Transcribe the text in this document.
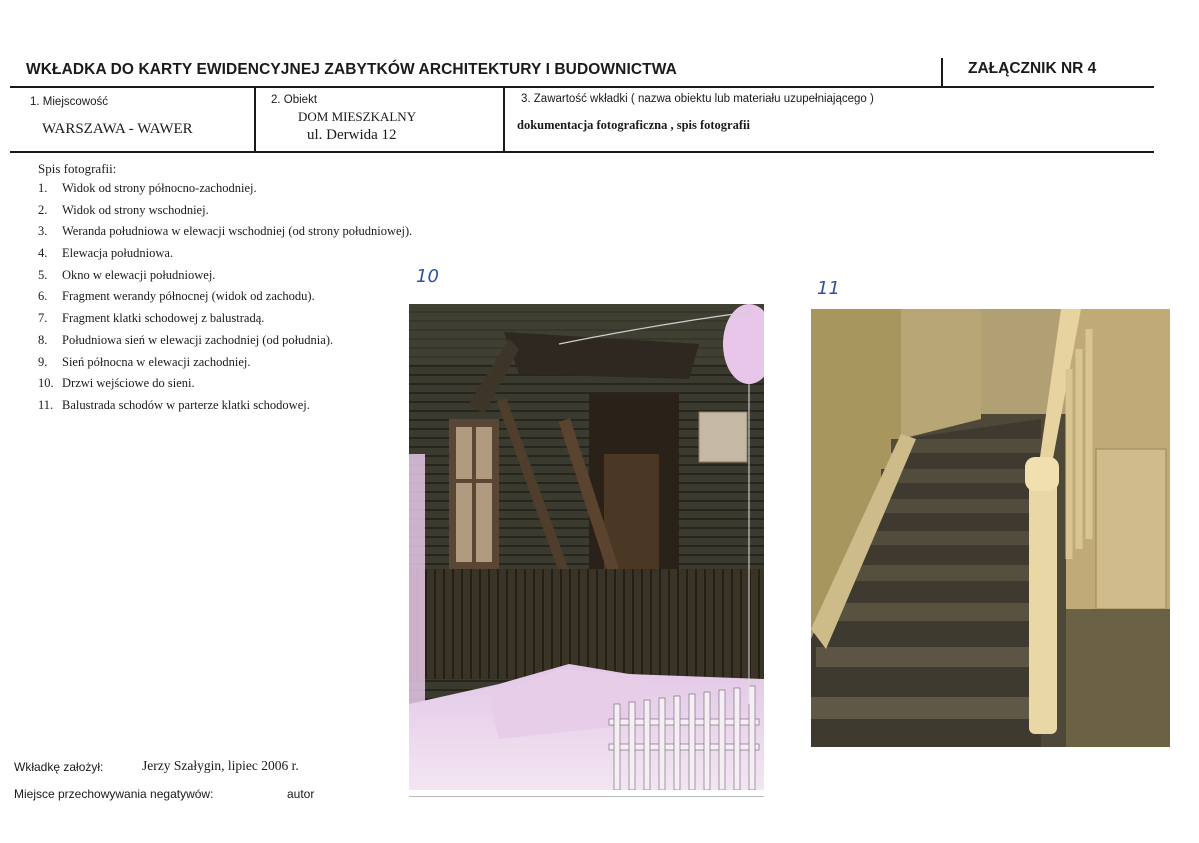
WKŁADKA DO KARTY EWIDENCYJNEJ ZABYTKÓW ARCHITEKTURY I BUDOWNICTWA	ZAŁĄCZNIK NR 4
1. Miejscowość
WARSZAWA - WAWER
2. Obiekt
DOM MIESZKALNY
ul. Derwida 12
3. Zawartość wkładki ( nazwa obiektu lub materiału uzupełniającego )
dokumentacja fotograficzna , spis fotografii
Spis fotografii:
1. Widok od strony północno-zachodniej.
2. Widok od strony wschodniej.
3. Weranda południowa w elewacji wschodniej (od strony południowej).
4. Elewacja południowa.
5. Okno w elewacji południowej.
6. Fragment werandy północnej (widok od zachodu).
7. Fragment klatki schodowej z balustradą.
8. Południowa sień w elewacji zachodniej (od południa).
9. Sień północna w elewacji zachodniej.
10. Drzwi wejściowe do sieni.
11. Balustrada schodów w parterze klatki schodowej.
10
11
Wkładkę założył:	Jerzy Szałygin, lipiec 2006 r.
Miejsce przechowywania negatywów:	autor
